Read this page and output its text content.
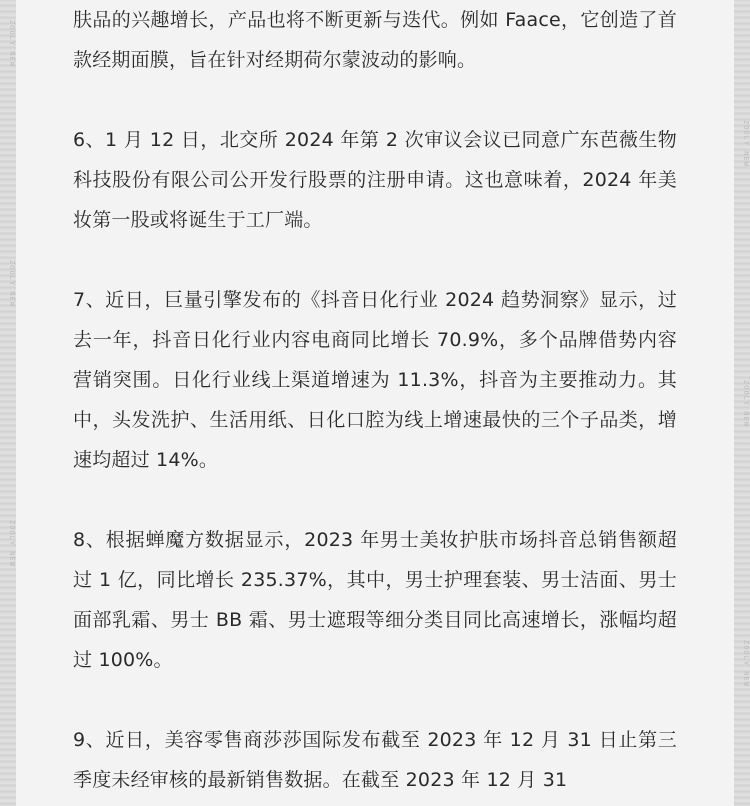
ZOOLY NEW
ZOOLY NEW
ZOOLY NEW

肤品的兴趣增长，产品也将不断更新与迭代。例如 Faace，它创造了首款经期面膜，旨在针对经期荷尔蒙波动的影响。

6、1 月 12 日，北交所 2024 年第 2 次审议会议已同意广东芭薇生物科技股份有限公司公开发行股票的注册申请。这也意味着，2024 年美妆第一股或将诞生于工厂端。

7、近日，巨量引擎发布的《抖音日化行业 2024 趋势洞察》显示，过去一年，抖音日化行业内容电商同比增长 70.9%，多个品牌借势内容营销突围。日化行业线上渠道增速为 11.3%，抖音为主要推动力。其中，头发洗护、生活用纸、日化口腔为线上增速最快的三个子品类，增速均超过 14%。

8、根据蝉魔方数据显示，2023 年男士美妆护肤市场抖音总销售额超过 1 亿，同比增长 235.37%，其中，男士护理套装、男士洁面、男士面部乳霜、男士 BB 霜、男士遮瑕等细分类目同比高速增长，涨幅均超过 100%。

9、近日，美容零售商莎莎国际发布截至 2023 年 12 月 31 日止第三季度未经审核的最新销售数据。在截至 2023 年 12 月 31

ZOOLY NEW
ZOOLY NEW
ZOOLY NEW
